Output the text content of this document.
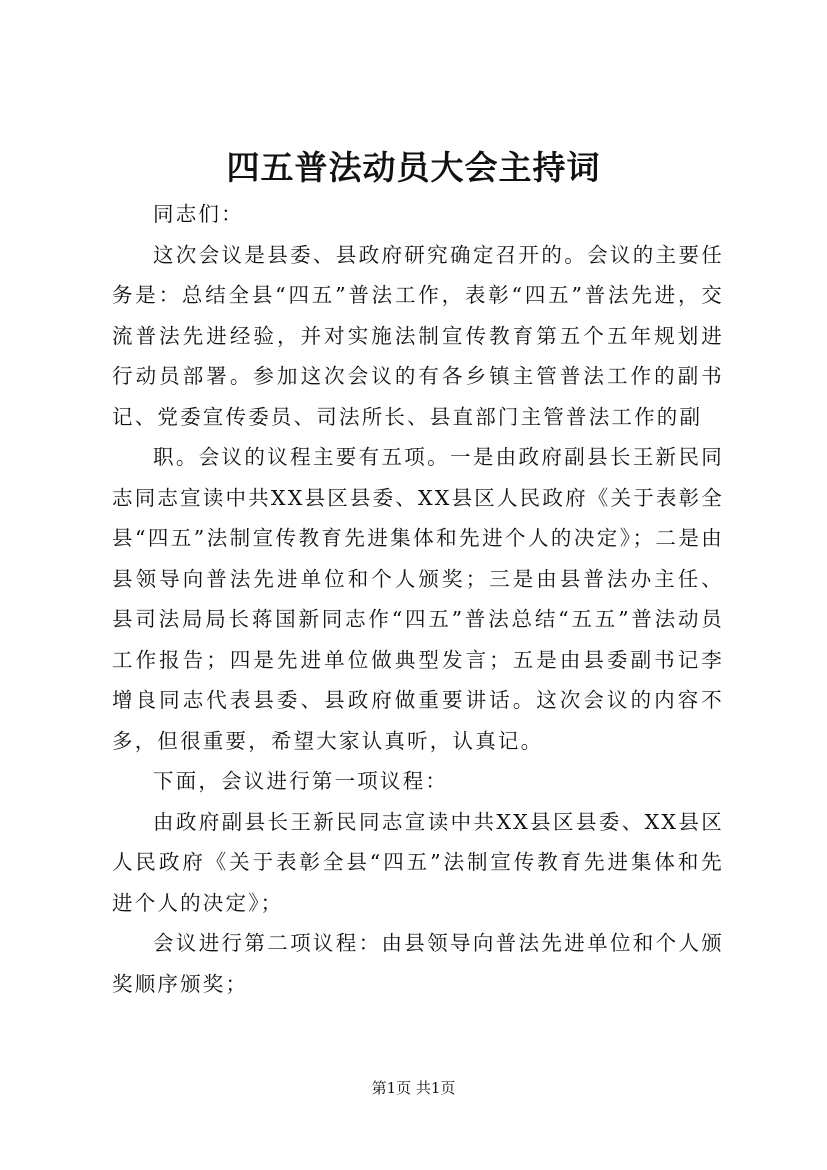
四五普法动员大会主持词

同志们：

这次会议是县委、县政府研究确定召开的。会议的主要任务是：总结全县“四五”普法工作，表彰“四五”普法先进，交流普法先进经验，并对实施法制宣传教育第五个五年规划进行动员部署。参加这次会议的有各乡镇主管普法工作的副书记、党委宣传委员、司法所长、县直部门主管普法工作的副

职。会议的议程主要有五项。一是由政府副县长王新民同志同志宣读中共XX县区县委、XX县区人民政府《关于表彰全县“四五”法制宣传教育先进集体和先进个人的决定》；二是由县领导向普法先进单位和个人颁奖；三是由县普法办主任、县司法局局长蒋国新同志作“四五”普法总结“五五”普法动员工作报告；四是先进单位做典型发言；五是由县委副书记李增良同志代表县委、县政府做重要讲话。这次会议的内容不多，但很重要，希望大家认真听，认真记。

下面，会议进行第一项议程：

由政府副县长王新民同志宣读中共XX县区县委、XX县区人民政府《关于表彰全县“四五”法制宣传教育先进集体和先进个人的决定》；

会议进行第二项议程：由县领导向普法先进单位和个人颁奖顺序颁奖；

第1页 共1页
